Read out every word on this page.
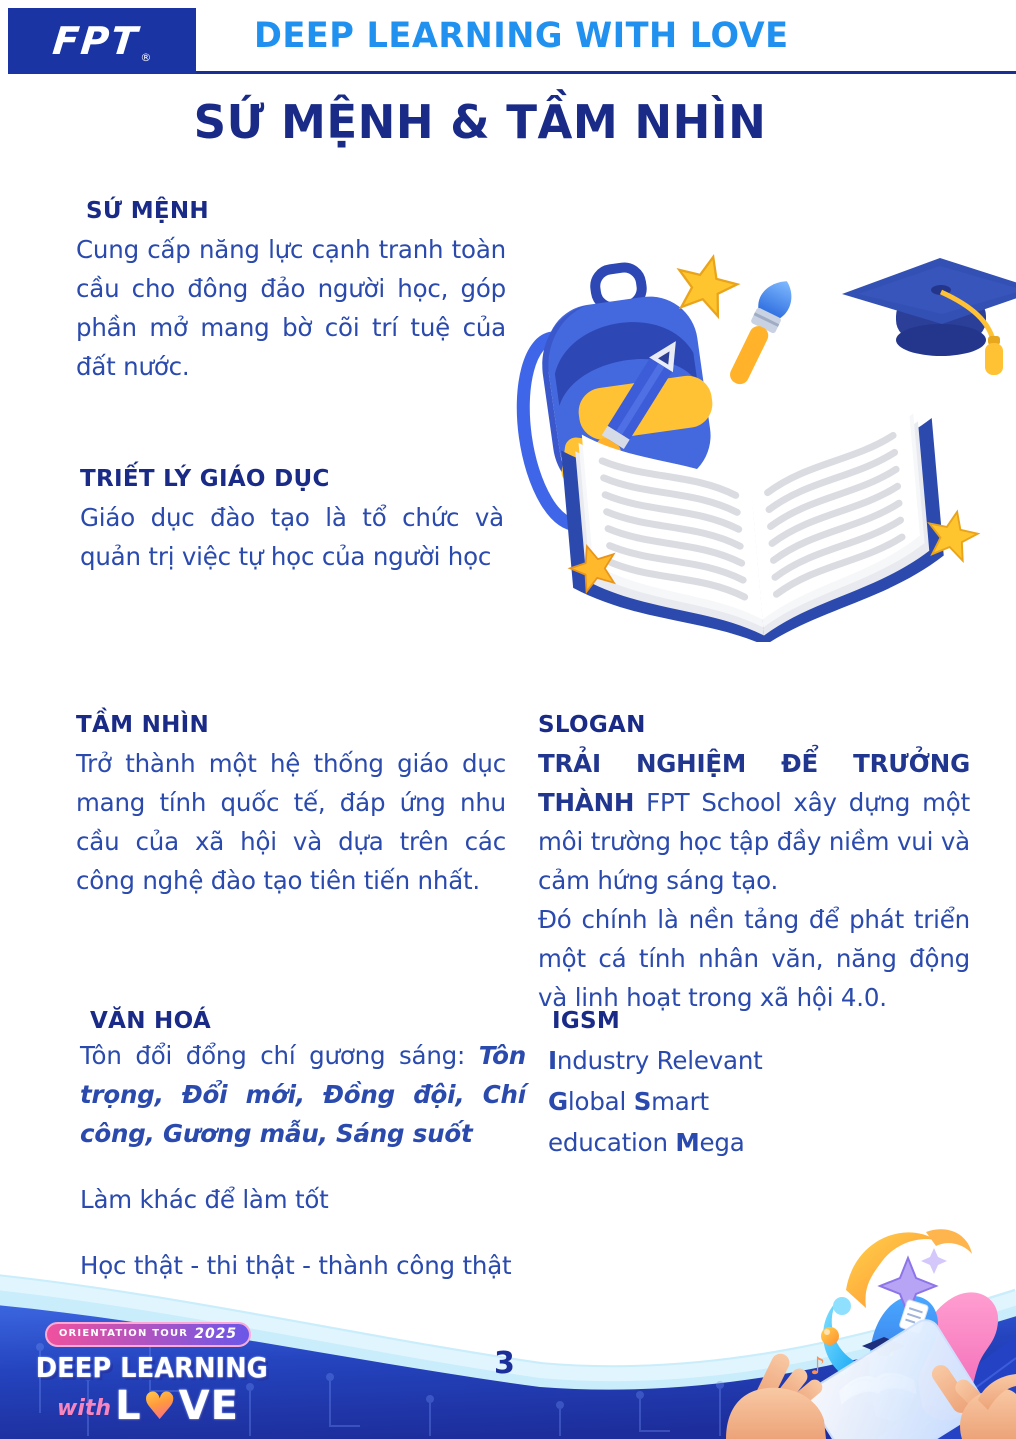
FPT ®
DEEP LEARNING WITH LOVE
SỨ MỆNH & TẦM NHÌN
SỨ MỆNH

Cung cấp năng lực cạnh tranh toàn cầu cho đông đảo người học, góp phần mở mang bờ cõi trí tuệ của đất nước.

TRIẾT LÝ GIÁO DỤC

Giáo dục đào tạo là tổ chức và quản trị việc tự học của người học

TẦM NHÌN

Trở thành một hệ thống giáo dục mang tính quốc tế, đáp ứng nhu cầu của xã hội và dựa trên các công nghệ đào tạo tiên tiến nhất.

SLOGAN

TRẢI NGHIỆM ĐỂ TRƯỞNG THÀNH FPT School xây dựng một môi trường học tập đầy niềm vui và cảm hứng sáng tạo.

Đó chính là nền tảng để phát triển một cá tính nhân văn, năng động và linh hoạt trong xã hội 4.0.

VĂN HOÁ

Tôn đổi đổng chí gương sáng: Tôn trọng, Đổi mới, Đồng đội, Chí công, Gương mẫu, Sáng suốt

Làm khác để làm tốt

Học thật - thi thật - thành công thật

IGSM

Industry Relevant
Global Smart
education Mega

♪
ORIENTATION TOUR 2025
DEEP LEARNING
with L♥VE
3
